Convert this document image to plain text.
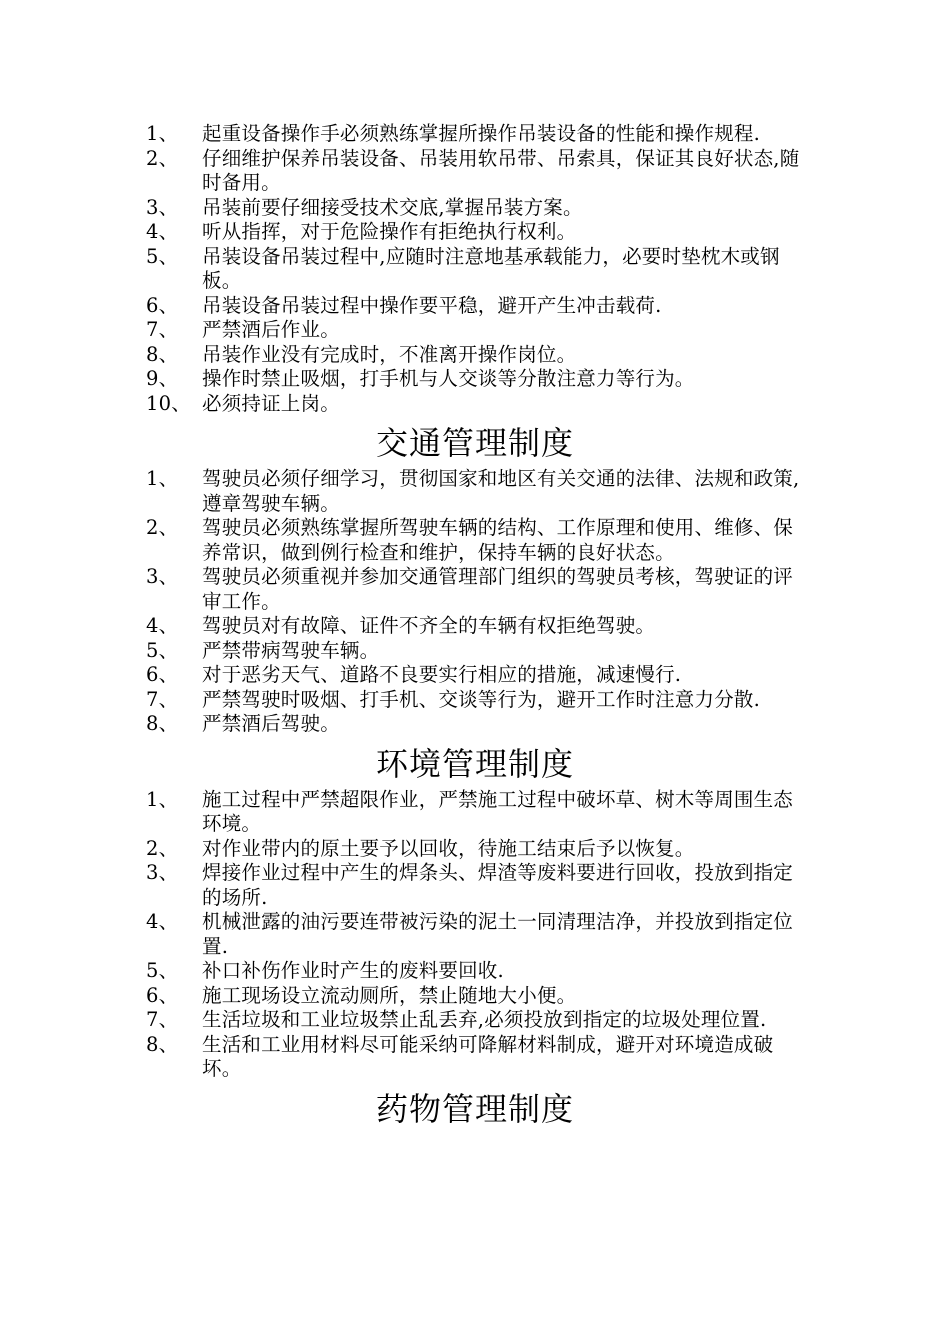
1、 起重设备操作手必须熟练掌握所操作吊装设备的性能和操作规程.
2、 仔细维护保养吊装设备、吊装用软吊带、吊索具，保证其良好状态,随时备用。
3、 吊装前要仔细接受技术交底,掌握吊装方案。
4、 听从指挥，对于危险操作有拒绝执行权利。
5、 吊装设备吊装过程中,应随时注意地基承载能力，必要时垫枕木或钢板。
6、 吊装设备吊装过程中操作要平稳，避开产生冲击载荷.
7、 严禁酒后作业。
8、 吊装作业没有完成时，不准离开操作岗位。
9、 操作时禁止吸烟，打手机与人交谈等分散注意力等行为。
10、 必须持证上岗。
交通管理制度
1、 驾驶员必须仔细学习，贯彻国家和地区有关交通的法律、法规和政策,遵章驾驶车辆。
2、 驾驶员必须熟练掌握所驾驶车辆的结构、工作原理和使用、维修、保养常识，做到例行检查和维护，保持车辆的良好状态。
3、 驾驶员必须重视并参加交通管理部门组织的驾驶员考核，驾驶证的评审工作。
4、 驾驶员对有故障、证件不齐全的车辆有权拒绝驾驶。
5、 严禁带病驾驶车辆。
6、 对于恶劣天气、道路不良要实行相应的措施，减速慢行.
7、 严禁驾驶时吸烟、打手机、交谈等行为，避开工作时注意力分散.
8、 严禁酒后驾驶。
环境管理制度
1、 施工过程中严禁超限作业，严禁施工过程中破坏草、树木等周围生态环境。
2、 对作业带内的原土要予以回收，待施工结束后予以恢复。
3、 焊接作业过程中产生的焊条头、焊渣等废料要进行回收，投放到指定的场所.
4、 机械泄露的油污要连带被污染的泥土一同清理洁净，并投放到指定位置.
5、 补口补伤作业时产生的废料要回收.
6、 施工现场设立流动厕所，禁止随地大小便。
7、 生活垃圾和工业垃圾禁止乱丢弃,必须投放到指定的垃圾处理位置.
8、 生活和工业用材料尽可能采纳可降解材料制成，避开对环境造成破坏。
药物管理制度
